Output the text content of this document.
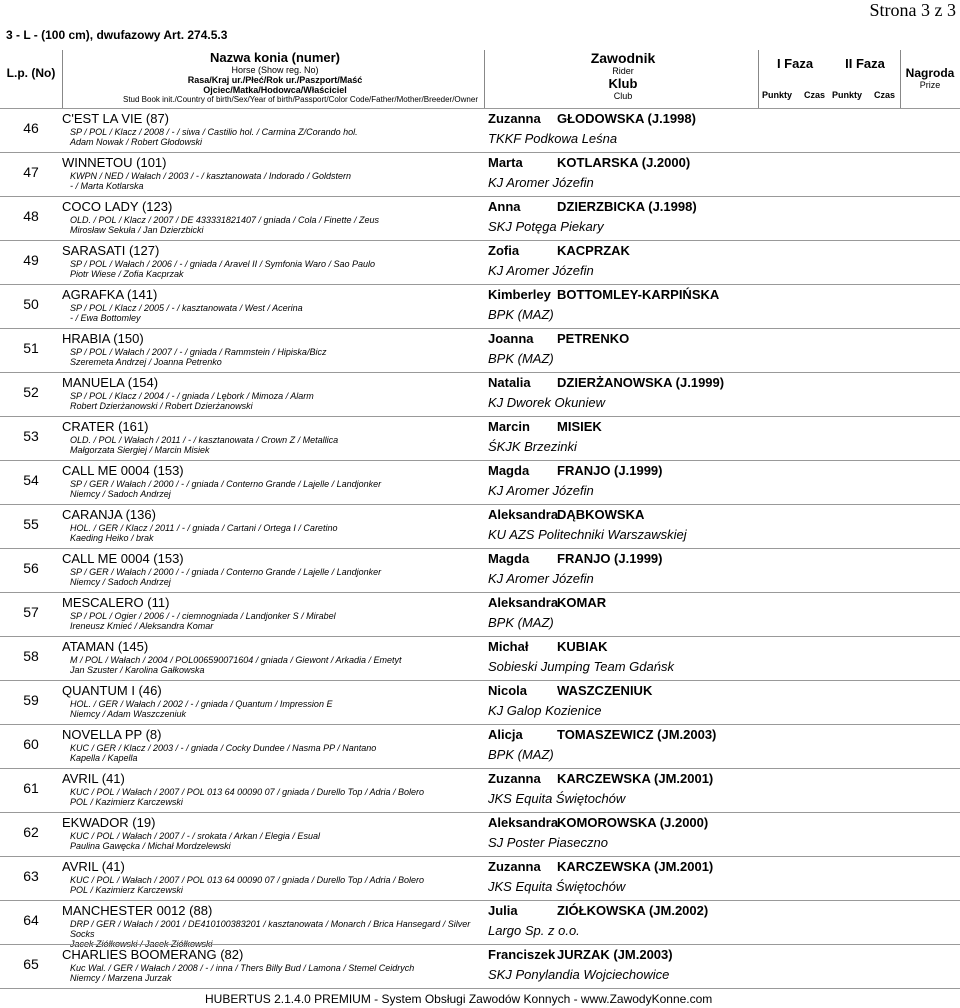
Strona 3 z 3
3 - L - (100 cm), dwufazowy Art. 274.5.3
L.p. (No)
Nazwa konia (numer)
Horse (Show reg. No)
Rasa/Kraj ur./Płeć/Rok ur./Paszport/Maść
Ojciec/Matka/Hodowca/Właściciel
Stud Book init./Country of birth/Sex/Year of birth/Passport/Color Code/Father/Mother/Breeder/Owner
Zawodnik
Rider
Klub
Club
I Faza	II Faza
Punkty Czas Punkty Czas
Nagroda
Prize
46
C'EST LA VIE (87)
SP / POL / Klacz / 2008 / - / siwa / Castilio hol. / Carmina Z/Corando hol.
Adam Nowak / Robert Głodowski
Zuzanna GŁODOWSKA (J.1998)
TKKF Podkowa Leśna
47
WINNETOU (101)
KWPN / NED / Wałach / 2003 / - / kasztanowata / Indorado / Goldstern
- / Marta Kotlarska
Marta	KOTLARSKA (J.2000)
KJ Aromer Józefin
48
COCO LADY (123)
OLD. / POL / Klacz / 2007 / DE 433331821407 / gniada / Cola / Finette / Zeus
Mirosław Sekuła / Jan Dzierzbicki
Anna	DZIERZBICKA (J.1998)
SKJ Potęga Piekary
49
SARASATI (127)
SP / POL / Wałach / 2006 / - / gniada / Aravel II / Symfonia Waro / Sao Paulo
Piotr Wiese / Zofia Kacprzak
Zofia	KACPRZAK
KJ Aromer Józefin
50
AGRAFKA (141)
SP / POL / Klacz / 2005 / - / kasztanowata / West / Acerina
- / Ewa Bottomley
Kimberley BOTTOMLEY-KARPIŃSKA
BPK (MAZ)
51
HRABIA (150)
SP / POL / Wałach / 2007 / - / gniada / Rammstein / Hipiska/Bicz
Szeremeta Andrzej / Joanna Petrenko
Joanna PETRENKO
BPK (MAZ)
52
MANUELA (154)
SP / POL / Klacz / 2004 / - / gniada / Lębork / Mimoza / Alarm
Robert Dzierżanowski / Robert Dzierżanowski
Natalia DZIERŻANOWSKA (J.1999)
KJ Dworek Okuniew
53
CRATER (161)
OLD. / POL / Wałach / 2011 / - / kasztanowata / Crown Z / Metallica
Małgorzata Siergiej / Marcin Misiek
Marcin MISIEK
ŚKJK Brzezinki
54
CALL ME 0004 (153)
SP / GER / Wałach / 2000 / - / gniada / Conterno Grande / Lajelle / Landjonker
Niemcy / Sadoch Andrzej
Magda FRANJO (J.1999)
KJ Aromer Józefin
55
CARANJA (136)
HOL. / GER / Klacz / 2011 / - / gniada / Cartani / Ortega I / Caretino
Kaeding Heiko / brak
Aleksandra
DĄBKOWSKA
KU AZS Politechniki Warszawskiej
56
CALL ME 0004 (153)
SP / GER / Wałach / 2000 / - / gniada / Conterno Grande / Lajelle / Landjonker
Niemcy / Sadoch Andrzej
Magda FRANJO (J.1999)
KJ Aromer Józefin
57
MESCALERO (11)
SP / POL / Ogier / 2006 / - / ciemnogniada / Landjonker S / Mirabel
Ireneusz Kmieć / Aleksandra Komar
Aleksandra
KOMAR
BPK (MAZ)
58
ATAMAN (145)
M / POL / Wałach / 2004 / POL006590071604 / gniada / Giewont / Arkadia / Emetyt
Jan Szuster / Karolina Gałkowska
Michał KUBIAK
Sobieski Jumping Team Gdańsk
59
QUANTUM I (46)
HOL. / GER / Wałach / 2002 / - / gniada / Quantum / Impression E
Niemcy / Adam Waszczeniuk
Nicola WASZCZENIUK
KJ Galop Kozienice
60
NOVELLA PP (8)
KUC / GER / Klacz / 2003 / - / gniada / Cocky Dundee / Nasma PP / Nantano
Kapella / Kapella
Alicja	TOMASZEWICZ (JM.2003)
BPK (MAZ)
61
AVRIL (41)
KUC / POL / Wałach / 2007 / POL 013 64 00090 07 / gniada / Durello Top / Adria / Bolero
POL / Kazimierz Karczewski
Zuzanna KARCZEWSKA (JM.2001)
JKS Equita Świętochów
62
EKWADOR (19)
KUC / POL / Wałach / 2007 / - / srokata / Arkan / Elegia / Esual
Paulina Gawęcka / Michał Mordzelewski
Aleksandra
KOMOROWSKA (J.2000)
SJ Poster Piaseczno
63
AVRIL (41)
KUC / POL / Wałach / 2007 / POL 013 64 00090 07 / gniada / Durello Top / Adria / Bolero
POL / Kazimierz Karczewski
Zuzanna KARCZEWSKA (JM.2001)
JKS Equita Świętochów
64
MANCHESTER 0012 (88)
DRP / GER / Wałach / 2001 / DE410100383201 / kasztanowata / Monarch / Brica Hansegard / Silver Socks
Jacek Ziółkowski / Jacek Ziółkowski
Julia	ZIÓŁKOWSKA (JM.2002)
Largo Sp. z o.o.
65
CHARLIES BOOMERANG (82)
Kuc Wal. / GER / Wałach / 2008 / - / inna / Thers Billy Bud / Lamona / Stemel Ceidrych
Niemcy / Marzena Jurzak
Franciszek JURZAK (JM.2003)
SKJ Ponylandia Wojciechowice
HUBERTUS 2.1.4.0 PREMIUM - System Obsługi Zawodów Konnych - www.ZawodyKonne.com
